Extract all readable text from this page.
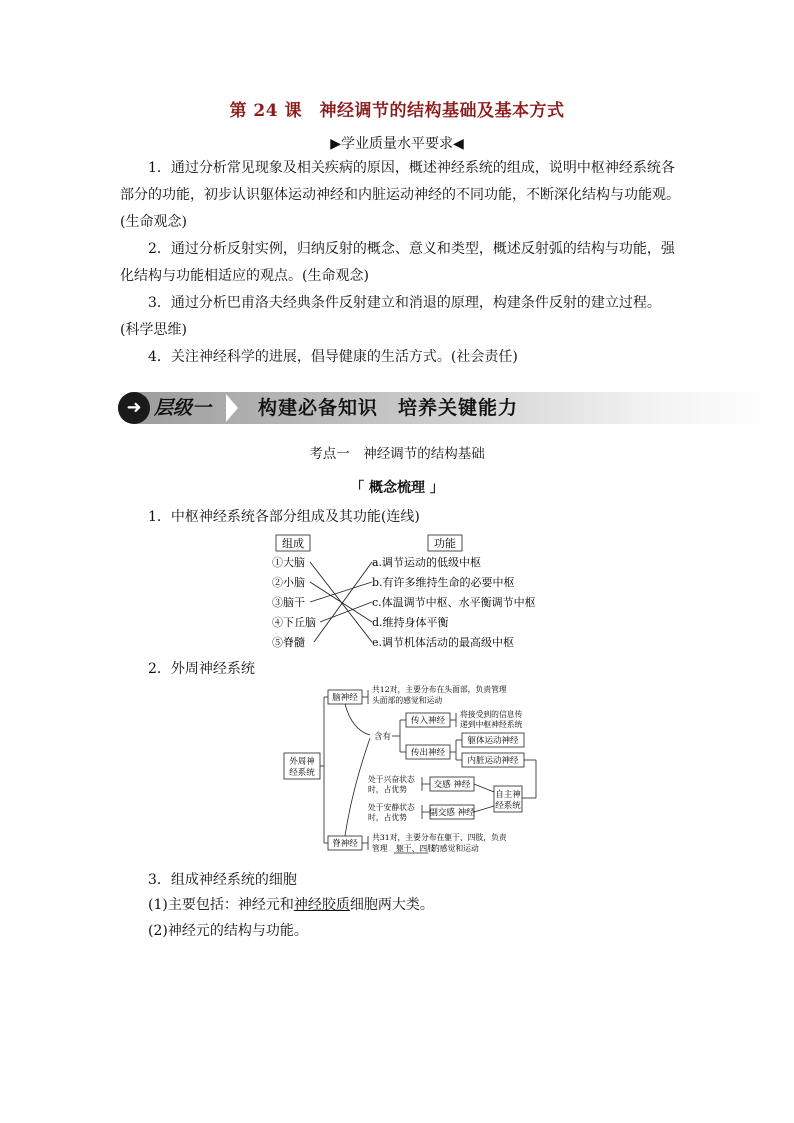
第 24 课　神经调节的结构基础及基本方式
▶学业质量水平要求◀

1．通过分析常见现象及相关疾病的原因，概述神经系统的组成，说明中枢神经系统各部分的功能，初步认识躯体运动神经和内脏运动神经的不同功能，不断深化结构与功能观。(生命观念)

2．通过分析反射实例，归纳反射的概念、意义和类型，概述反射弧的结构与功能，强化结构与功能相适应的观点。(生命观念)

3．通过分析巴甫洛夫经典条件反射建立和消退的原理，构建条件反射的建立过程。(科学思维)

4．关注神经科学的进展，倡导健康的生活方式。(社会责任)

➜ 层级一	构建必备知识　培养关键能力
考点一　神经调节的结构基础
「 概念梳理 」
1．中枢神经系统各部分组成及其功能(连线)
组成	功能
①大脑
②小脑
③脑干
④下丘脑
⑤脊髓
a.调节运动的低级中枢
b.有许多维持生命的必要中枢
c.体温调节中枢、水平衡调节中枢
d.维持身体平衡
e.调节机体活动的最高级中枢
2．外周神经系统
外周神
经系统
脑神经
共12对，主要分布在头面部，负责管理
头面部的感觉和运动
含有
传入神经
将接受到的信息传
递到中枢神经系统
传出神经
躯体运动神经
内脏运动神经
处于兴奋状态
时，占优势
处于安静状态
时，占优势
交感 神经
副交感 神经
自主神
经系统
脊神经
共31对，主要分布在躯干、四肢，负责
管理 躯干、四肢
的感觉和运动
3．组成神经系统的细胞
(1)主要包括：神经元和神经胶质细胞两大类。
(2)神经元的结构与功能。
